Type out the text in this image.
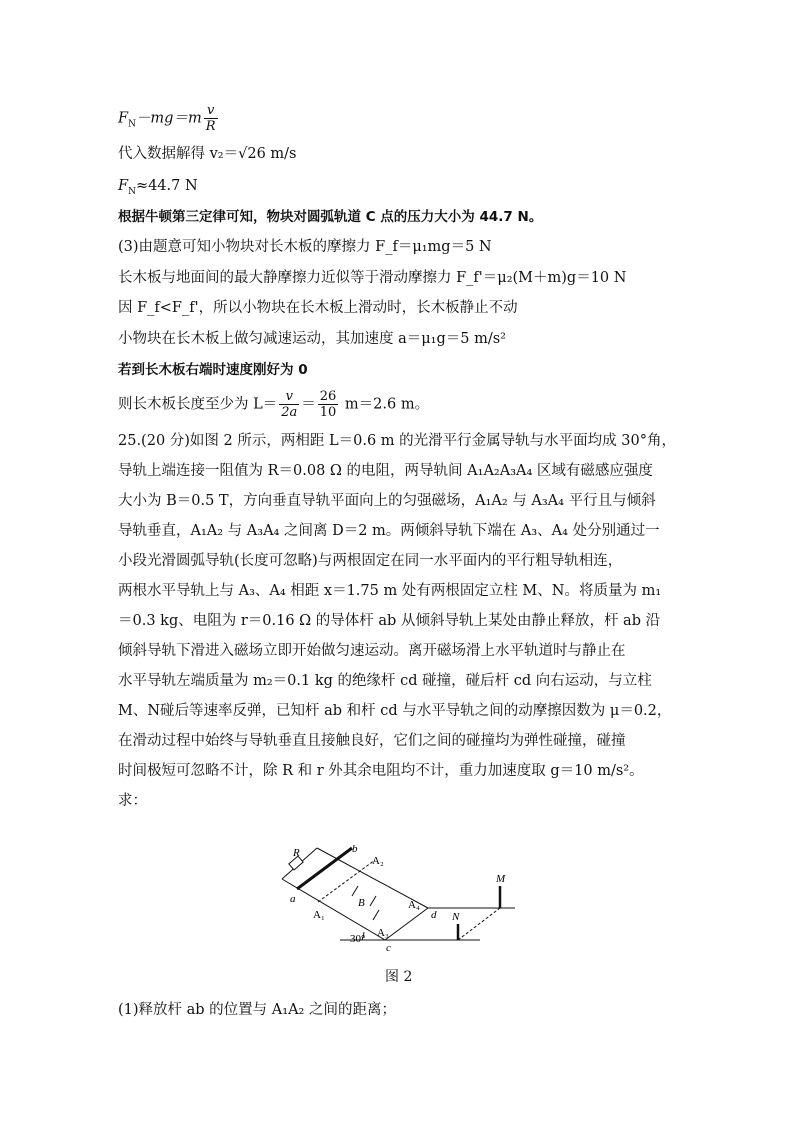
$F_N-mg=m \frac{v}{R}$
代入数据解得 v₂＝√26 m/s
$F_N\approx 44.7$ N
根据牛顿第三定律可知，物块对圆弧轨道 C 点的压力大小为 44.7 N。
(3)由题意可知小物块对长木板的摩擦力 F_f＝μ₁mg＝5 N
长木板与地面间的最大静摩擦力近似等于滑动摩擦力 F_f'＝μ₂(M＋m)g＝10 N
因 F_f<F_f'，所以小物块在长木板上滑动时，长木板静止不动
小物块在长木板上做匀减速运动，其加速度 a＝μ₁g＝5 m/s²
若到长木板右端时速度刚好为 0
则长木板长度至少为 $L= \frac{v}{2a} = \frac{26}{10} m=2.6$ m。
25.(20 分)如图 2 所示，两相距 L＝0.6 m 的光滑平行金属导轨与水平面均成 30°角，
导轨上端连接一阻值为 R＝0.08 Ω 的电阻，两导轨间 A₁A₂A₃A₄ 区域有磁感应强度
大小为 B＝0.5 T，方向垂直导轨平面向上的匀强磁场，A₁A₂ 与 A₃A₄ 平行且与倾斜
导轨垂直，A₁A₂ 与 A₃A₄ 之间离 D＝2 m。两倾斜导轨下端在 A₃、A₄ 处分别通过一
小段光滑圆弧导轨(长度可忽略)与两根固定在同一水平面内的平行粗导轨相连，
两根水平导轨上与 A₃、A₄ 相距 x＝1.75 m 处有两根固定立柱 M、N。将质量为 m₁
＝0.3 kg、电阻为 r＝0.16 Ω 的导体杆 ab 从倾斜导轨上某处由静止释放，杆 ab 沿
倾斜导轨下滑进入磁场立即开始做匀速运动。离开磁场滑上水平轨道时与静止在
水平导轨左端质量为 m₂＝0.1 kg 的绝缘杆 cd 碰撞，碰后杆 cd 向右运动，与立柱
M、N碰后等速率反弹，已知杆 ab 和杆 cd 与水平导轨之间的动摩擦因数为 μ＝0.2，
在滑动过程中始终与导轨垂直且接触良好，它们之间的碰撞均为弹性碰撞，碰撞
时间极短可忽略不计，除 R 和 r 外其余电阻均不计，重力加速度取 g＝10 m/s²。
求：
R	b
A₂
a
A₁
B	A₄
d
A₃
c
M
N
30°
图 2
(1)释放杆 ab 的位置与 A₁A₂ 之间的距离；
